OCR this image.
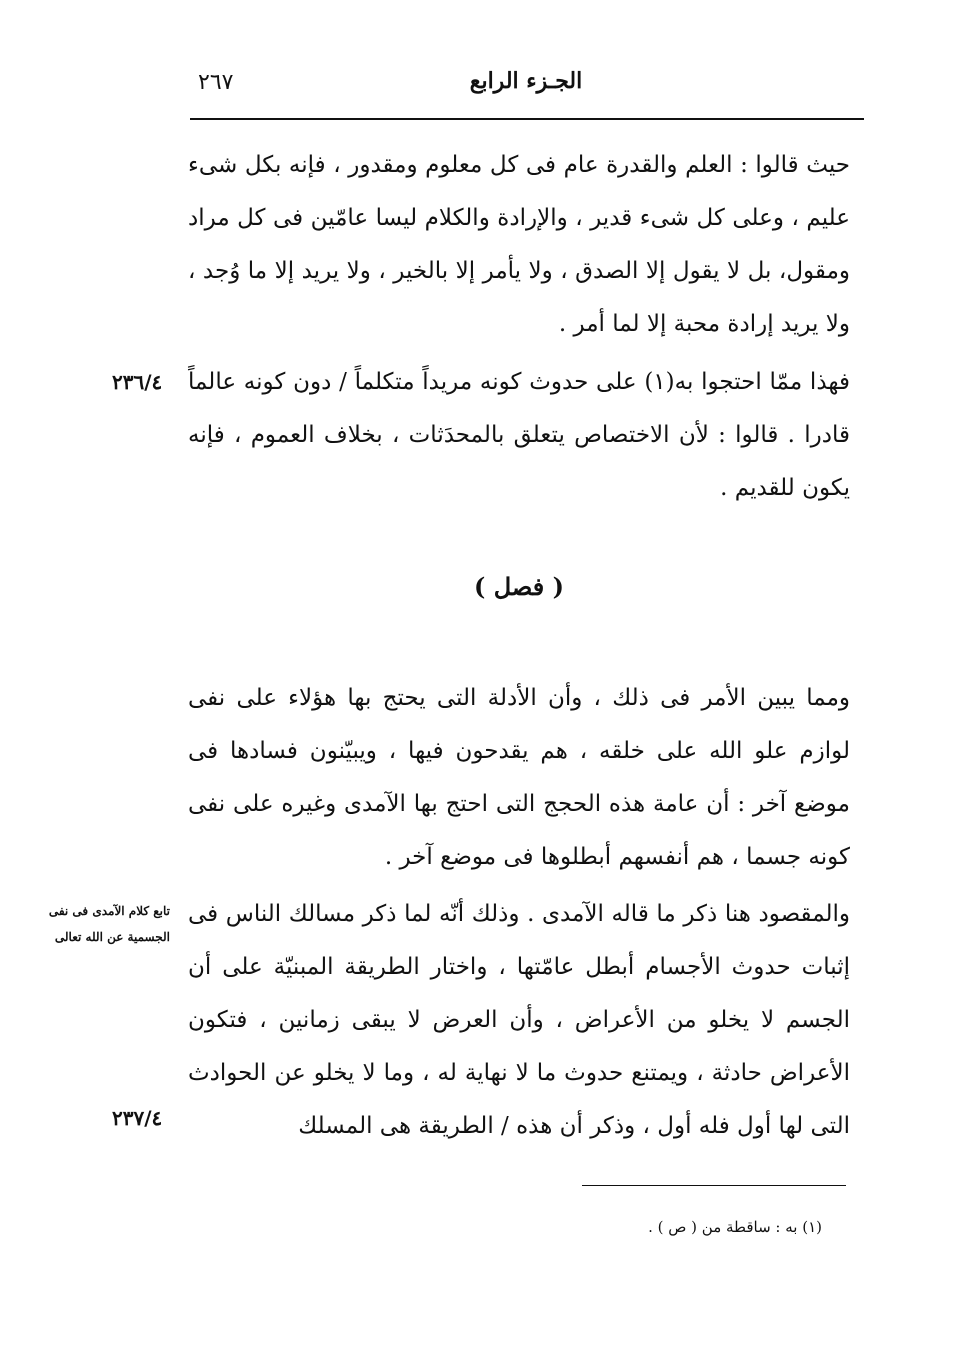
٢٦٧	الجـزء الرابع

حيث قالوا : العلم والقدرة عام فى كل معلوم ومقدور ، فإنه بكل شىء عليم ، وعلى كل شىء قدير ، والإرادة والكلام ليسا عامّين فى كل مراد ومقول، بل لا يقول إلا الصدق ، ولا يأمر إلا بالخير ، ولا يريد إلا ما وُجد ، ولا يريد إرادة محبة إلا لما أمر .

فهذا ممّا احتجوا به(١) على حدوث كونه مريداً متكلماً / دون كونه عالماً قادرا . قالوا : لأن الاختصاص يتعلق بالمحدَثات ، بخلاف العموم ، فإنه يكون للقديم .

( فصل )

ومما يبين الأمر فى ذلك ، وأن الأدلة التى يحتج بها هؤلاء على نفى لوازم علو الله على خلقه ، هم يقدحون فيها ، ويبيّنون فسادها فى موضع آخر : أن عامة هذه الحجج التى احتج بها الآمدى وغيره على نفى كونه جسما ، هم أنفسهم أبطلوها فى موضع آخر .

والمقصود هنا ذكر ما قاله الآمدى . وذلك أنّه لما ذكر مسالك الناس فى إثبات حدوث الأجسام أبطل عامّتها ، واختار الطريقة المبنيّة على أن الجسم لا يخلو من الأعراض ، وأن العرض لا يبقى زمانين ، فتكون الأعراض حادثة ، ويمتنع حدوث ما لا نهاية له ، وما لا يخلو عن الحوادث التى لها أول فله أول ، وذكر أن هذه / الطريقة هى المسلك

٢٣٦/٤
تابع كلام الآمدى فى نفى الجسمية عن الله تعالى
٢٣٧/٤
(١) به : ساقطة من ( ص ) .
